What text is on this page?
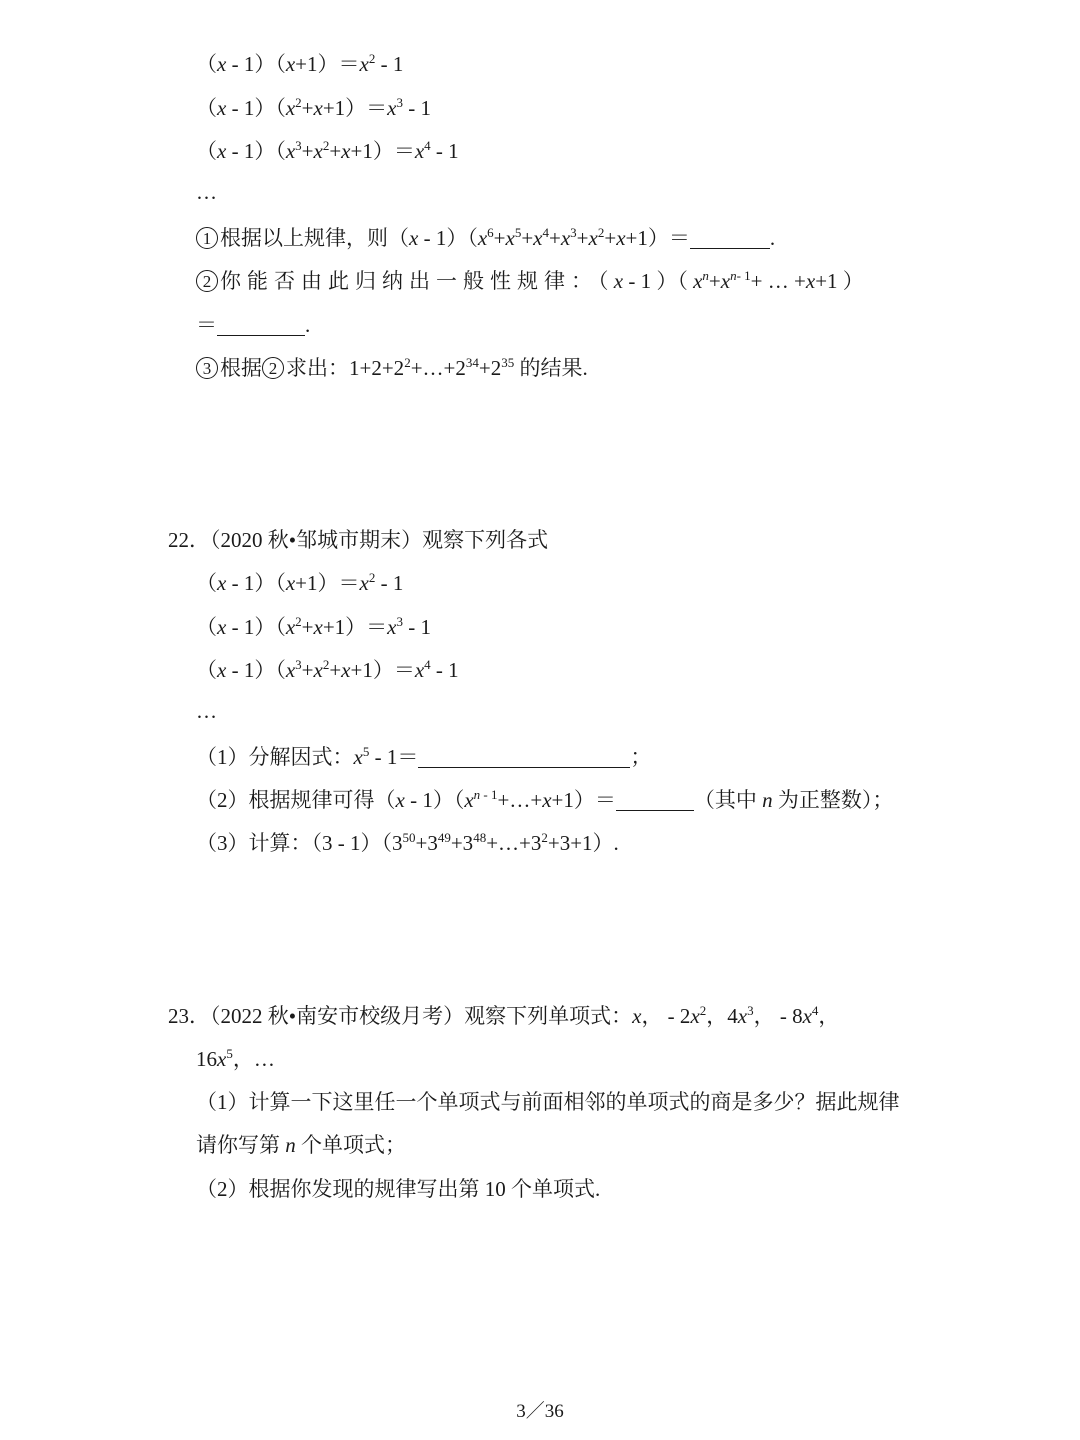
$(x - 1)(x+1)=x^2 - 1$
$(x - 1)(x^2+x+1)=x^3 - 1$
$(x - 1)(x^3+x^2+x+1)=x^4 - 1$
…
1 根据以上规律，则$(x - 1)(x^6+x^5+x^4+x^3+x^2+x+1)=$	.
2 你能否由此归纳出一般性规律：（ x - 1 ）（ $x^n+x^{n- 1}+$ … +x+1 ）
＝	.
3 根据 2 求出：$1+2+2^2+\dots+2^{34}+2^{35}$ 的结果.
22．（2020 秋•邹城市期末）观察下列各式
$(x - 1)(x+1)=x^2 - 1$
$(x - 1)(x^2+x+1)=x^3 - 1$
$(x - 1)(x^3+x^2+x+1)=x^4 - 1$
…
（1）分解因式：$x^5 - 1=$	；
（2）根据规律可得$(x - 1)(x^n$ $^{- 1}$+…+x+1）＝	（其中 n 为正整数）；
（3）计算：$(3 - 1)(3^{50}+3^{49}+3^{48}+\dots+3^2+3+1)$.
23．（2022 秋•南安市校级月考）观察下列单项式：x， - $2x^2$，$4x^3$， - $8x^4$，
$16x^5$，…
（1）计算一下这里任一个单项式与前面相邻的单项式的商是多少？据此规律
请你写第 n 个单项式；
（2）根据你发现的规律写出第 10 个单项式.
3／36
